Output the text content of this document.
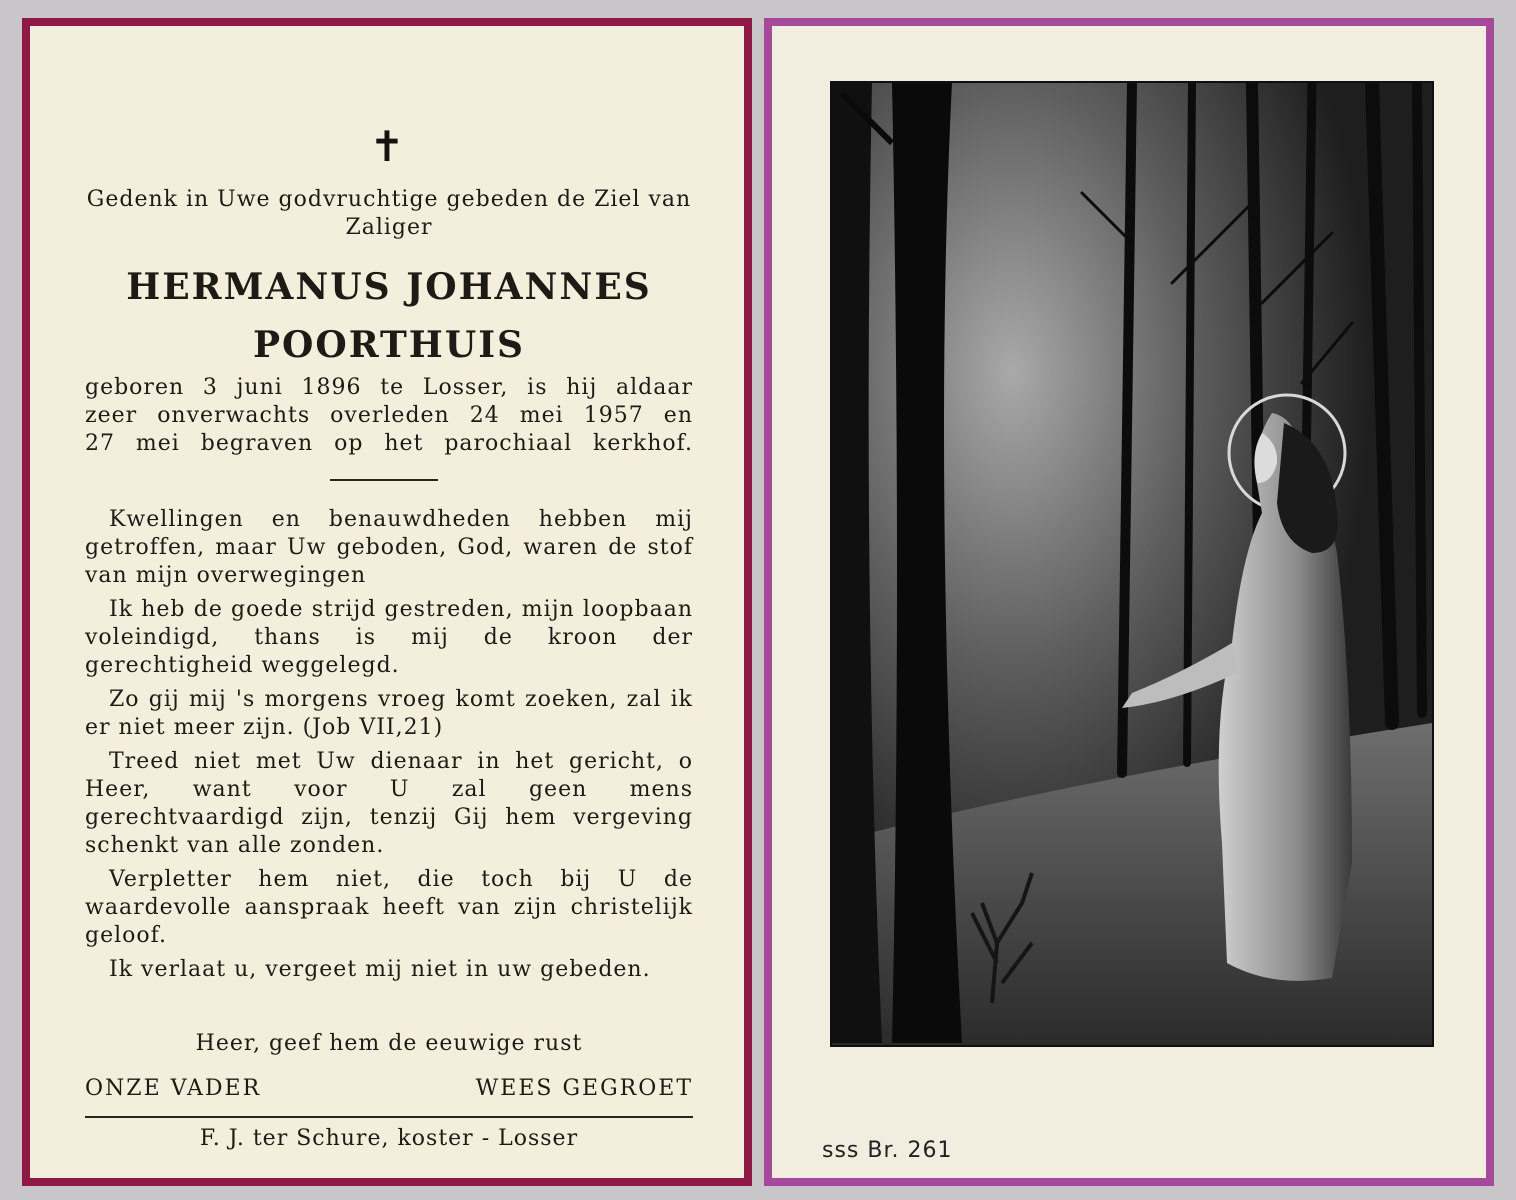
✝
Gedenk in Uwe godvruchtige gebeden de Ziel van Zaliger
HERMANUS JOHANNES
POORTHUIS
geboren 3 juni 1896 te Losser, is hij aldaar
zeer onverwachts overleden 24 mei 1957 en
27 mei begraven op het parochiaal kerkhof.

Kwellingen en benauwdheden hebben mij getroffen, maar Uw geboden, God, waren de stof van mijn overwegingen

Ik heb de goede strijd gestreden, mijn loopbaan voleindigd, thans is mij de kroon der gerechtigheid weggelegd.

Zo gij mij 's morgens vroeg komt zoeken, zal ik er niet meer zijn. (Job VII,21)

Treed niet met Uw dienaar in het gericht, o Heer, want voor U zal geen mens gerechtvaardigd zijn, tenzij Gij hem vergeving schenkt van alle zonden.

Verpletter hem niet, die toch bij U de waardevolle aanspraak heeft van zijn christelijk geloof.

Ik verlaat u, vergeet mij niet in uw gebeden.

Heer, geef hem de eeuwige rust
ONZE VADER	WEES GEGROET
F. J. ter Schure, koster - Losser	sss Br. 261
